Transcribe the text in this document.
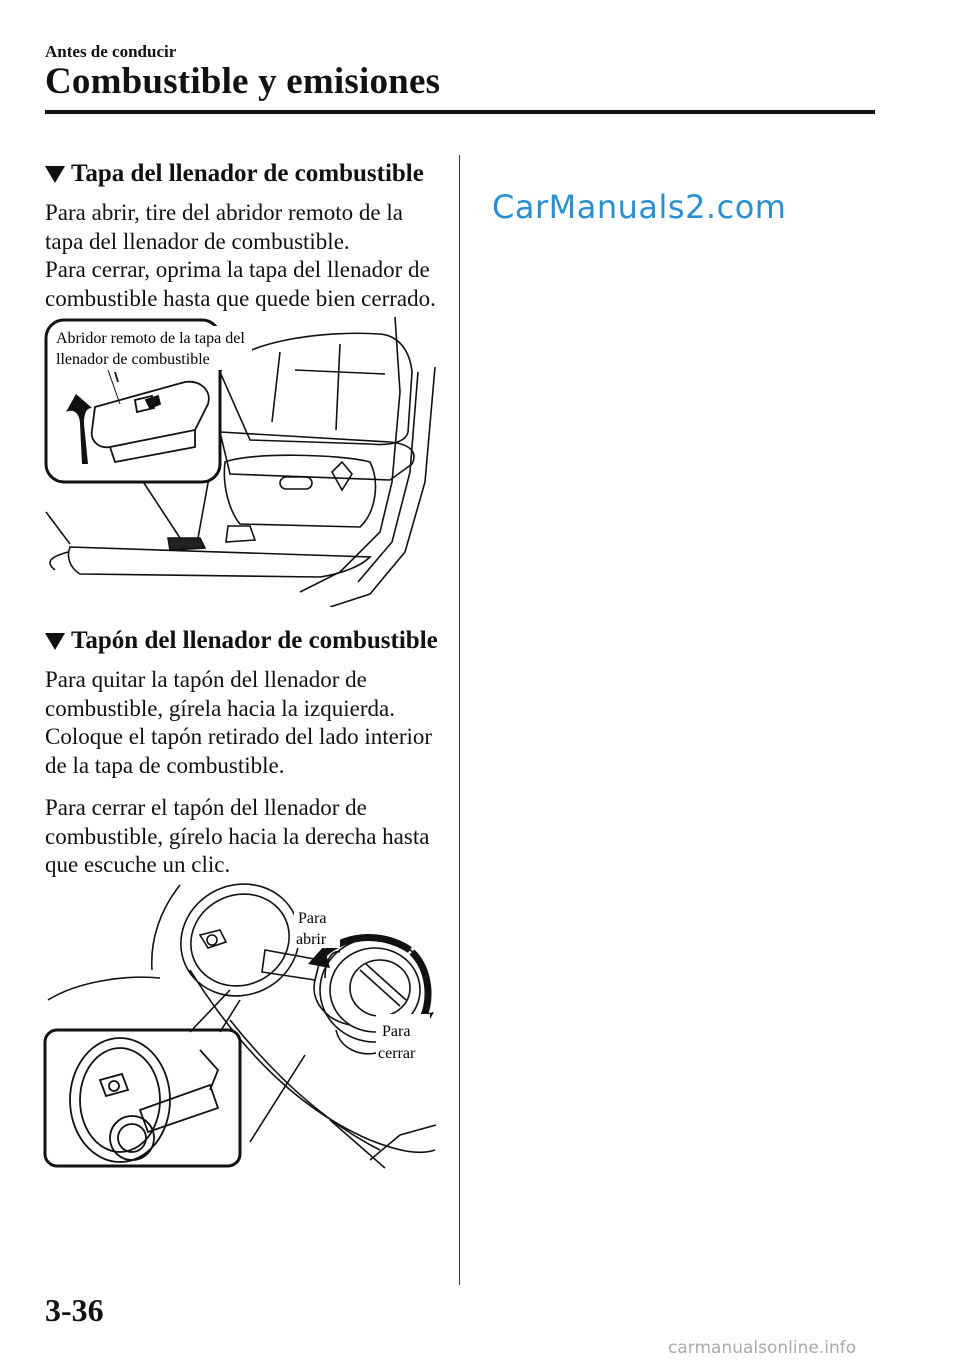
Antes de conducir
Combustible y emisiones
Tapa del llenador de combustible

Para abrir, tire del abridor remoto de la tapa del llenador de combustible.

Para cerrar, oprima la tapa del llenador de combustible hasta que quede bien cerrado.

Abridor remoto de la tapa del
llenador de combustible
Tapón del llenador de combustible

Para quitar la tapón del llenador de combustible, gírela hacia la izquierda. Coloque el tapón retirado del lado interior de la tapa de combustible.

Para cerrar el tapón del llenador de combustible, gírelo hacia la derecha hasta que escuche un clic.

Para
abrir
Para
cerrar
CarManuals2.com
3-36
carmanualsonline.info
